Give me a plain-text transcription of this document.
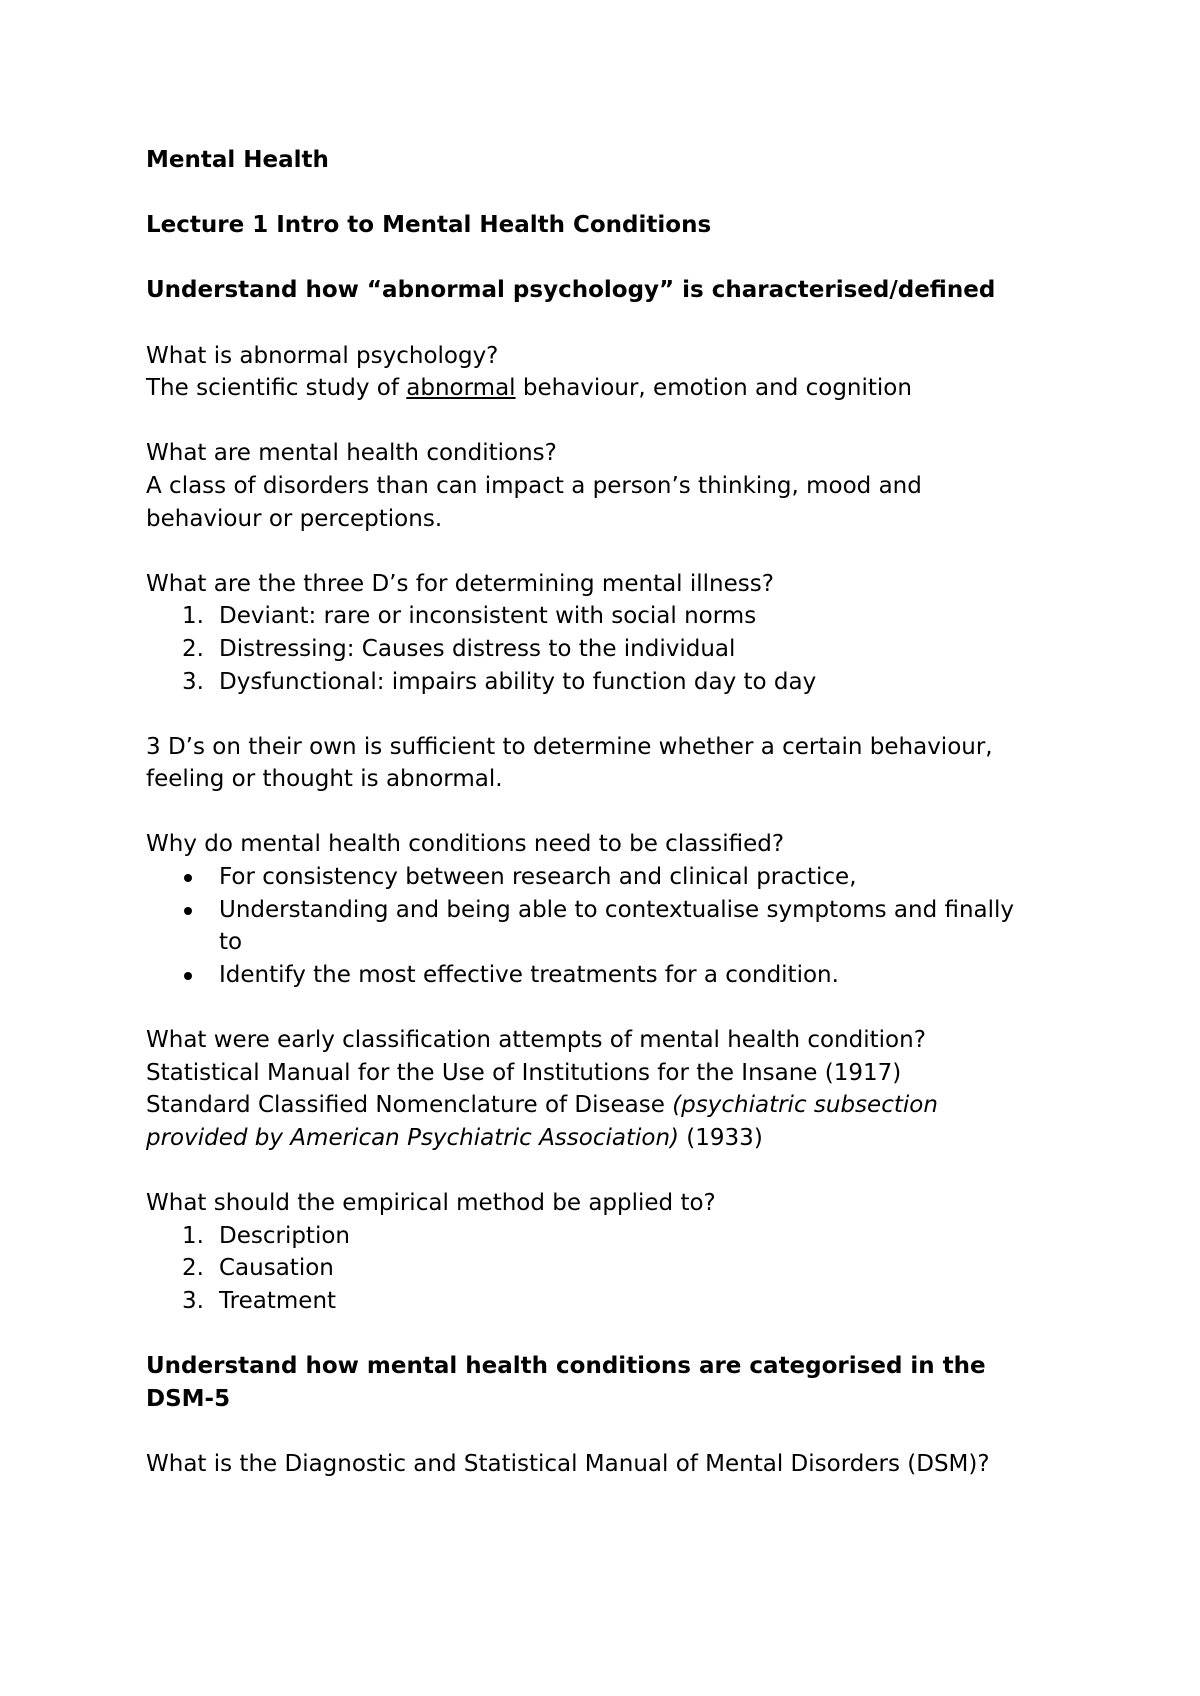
Mental Health

Lecture 1 Intro to Mental Health Conditions

Understand how “abnormal psychology” is characterised/defined

What is abnormal psychology?

The scientific study of abnormal behaviour, emotion and cognition

What are mental health conditions?

A class of disorders than can impact a person’s thinking, mood and

behaviour or perceptions.

What are the three D’s for determining mental illness?

1. Deviant: rare or inconsistent with social norms
2. Distressing: Causes distress to the individual
3. Dysfunctional: impairs ability to function day to day

3 D’s on their own is sufficient to determine whether a certain behaviour,

feeling or thought is abnormal.

Why do mental health conditions need to be classified?

For consistency between research and clinical practice,
Understanding and being able to contextualise symptoms and finally
to
Identify the most effective treatments for a condition.

What were early classification attempts of mental health condition?

Statistical Manual for the Use of Institutions for the Insane (1917)

Standard Classified Nomenclature of Disease (psychiatric subsection

provided by American Psychiatric Association) (1933)

What should the empirical method be applied to?

1. Description
2. Causation
3. Treatment

Understand how mental health conditions are categorised in the

DSM-5

What is the Diagnostic and Statistical Manual of Mental Disorders (DSM)?
